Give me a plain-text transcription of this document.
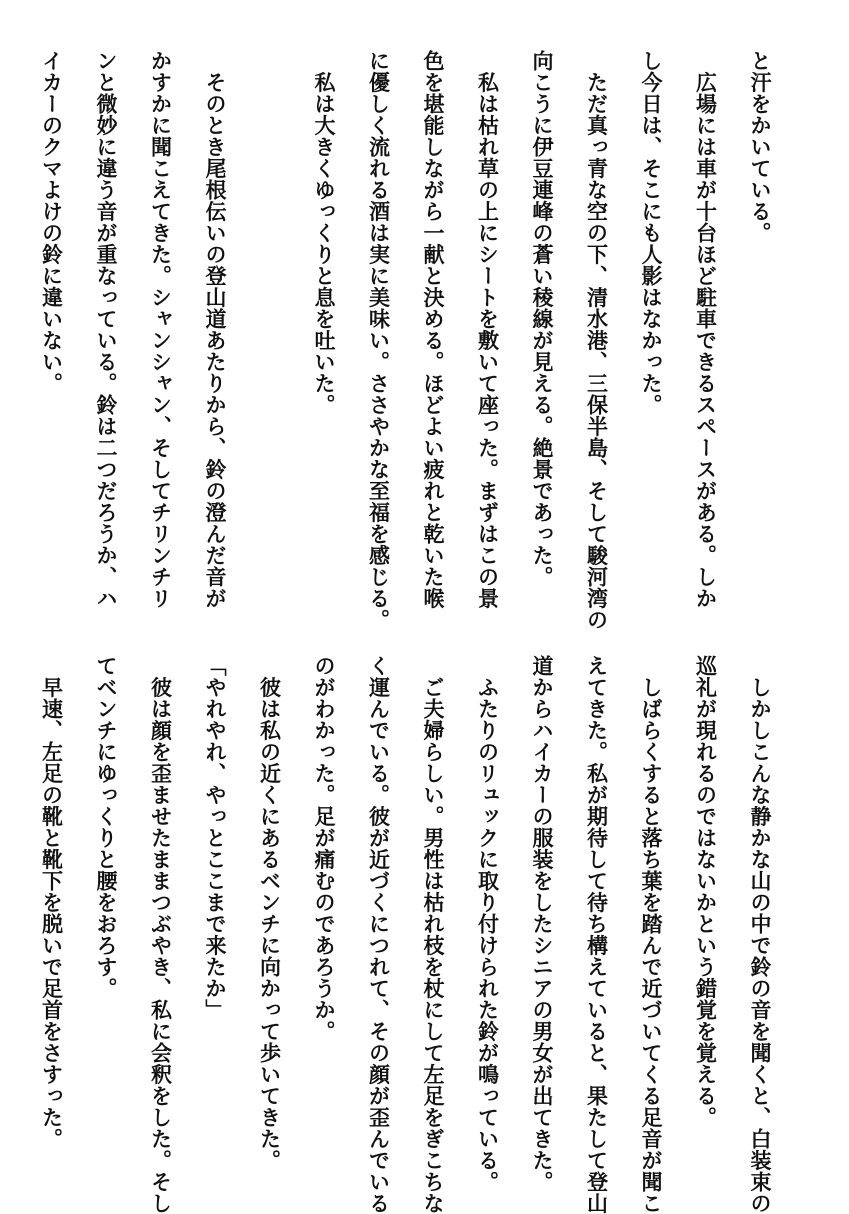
と汗をかいている。
　広場には車が十台ほど駐車できるスペースがある。しか
し今日は、そこにも人影はなかった。
　ただ真っ青な空の下、清水港、三保半島、そして駿河湾の
向こうに伊豆連峰の蒼い稜線が見える。絶景であった。
　私は枯れ草の上にシートを敷いて座った。まずはこの景
色を堪能しながら一献と決める。ほどよい疲れと乾いた喉
に優しく流れる酒は実に美味い。ささやかな至福を感じる。
　私は大きくゆっくりと息を吐いた。

　そのとき尾根伝いの登山道あたりから、鈴の澄んだ音が
かすかに聞こえてきた。シャンシャン、そしてチリンチリ
ンと微妙に違う音が重なっている。鈴は二つだろうか、ハ
イカーのクマよけの鈴に違いない。
　しかしこんな静かな山の中で鈴の音を聞くと、白装束の
巡礼が現れるのではないかという錯覚を覚える。
　しばらくすると落ち葉を踏んで近づいてくる足音が聞こ
えてきた。私が期待して待ち構えていると、果たして登山
道からハイカーの服装をしたシニアの男女が出てきた。
　ふたりのリュックに取り付けられた鈴が鳴っている。
　ご夫婦らしい。男性は枯れ枝を杖にして左足をぎこちな
く運んでいる。彼が近づくにつれて、その顔が歪んでいる
のがわかった。足が痛むのであろうか。
　彼は私の近くにあるベンチに向かって歩いてきた。
「やれやれ、やっとここまで来たか」
　彼は顔を歪ませたままつぶやき、私に会釈をした。そし
てベンチにゆっくりと腰をおろす。
　早速、左足の靴と靴下を脱いで足首をさすった。
